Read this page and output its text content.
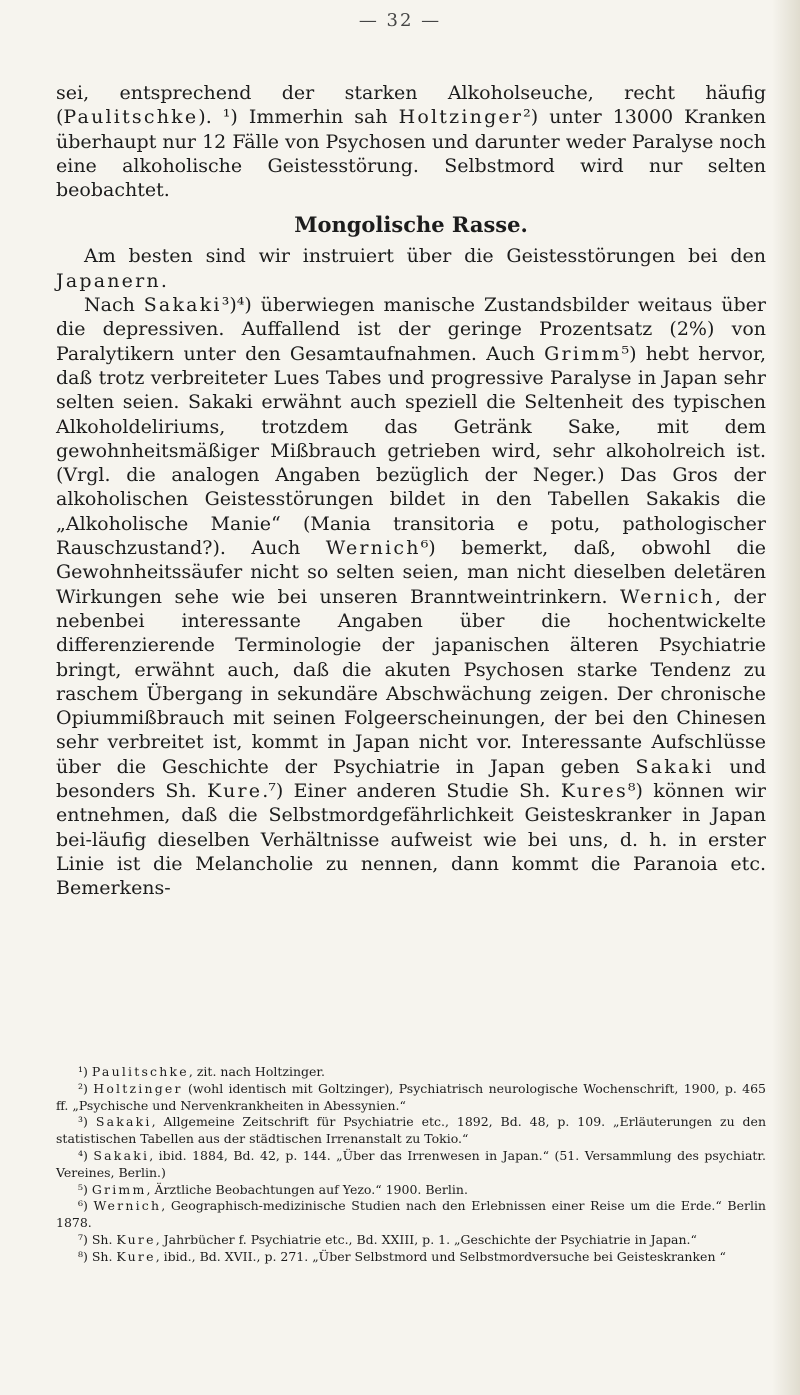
— 32 —

sei, entsprechend der starken Alkoholseuche, recht häufig (Paulitschke). ¹) Immerhin sah Holtzinger²) unter 13000 Kranken überhaupt nur 12 Fälle von Psychosen und darunter weder Paralyse noch eine alkoholische Geistesstörung. Selbstmord wird nur selten beobachtet.

Mongolische Rasse.

Am besten sind wir instruiert über die Geistesstörungen bei den Japanern.

Nach Sakaki³)⁴) überwiegen manische Zustandsbilder weitaus über die depressiven. Auffallend ist der geringe Prozentsatz (2%) von Paralytikern unter den Gesamtaufnahmen. Auch Grimm⁵) hebt hervor, daß trotz verbreiteter Lues Tabes und progressive Paralyse in Japan sehr selten seien. Sakaki erwähnt auch speziell die Seltenheit des typischen Alkoholdeliriums, trotzdem das Getränk Sake, mit dem gewohnheitsmäßiger Mißbrauch getrieben wird, sehr alkoholreich ist. (Vrgl. die analogen Angaben bezüglich der Neger.) Das Gros der alkoholischen Geistesstörungen bildet in den Tabellen Sakakis die „Alkoholische Manie“ (Mania transitoria e potu, pathologischer Rauschzustand?). Auch Wernich⁶) bemerkt, daß, obwohl die Gewohnheitssäufer nicht so selten seien, man nicht dieselben deletären Wirkungen sehe wie bei unseren Branntweintrinkern. Wernich, der nebenbei interessante Angaben über die hochentwickelte differenzierende Terminologie der japanischen älteren Psychiatrie bringt, erwähnt auch, daß die akuten Psychosen starke Tendenz zu raschem Übergang in sekundäre Abschwächung zeigen. Der chronische Opiummißbrauch mit seinen Folgeerscheinungen, der bei den Chinesen sehr verbreitet ist, kommt in Japan nicht vor. Interessante Aufschlüsse über die Geschichte der Psychiatrie in Japan geben Sakaki und besonders Sh. Kure.⁷) Einer anderen Studie Sh. Kures⁸) können wir entnehmen, daß die Selbstmordgefährlichkeit Geisteskranker in Japan bei-läufig dieselben Verhältnisse aufweist wie bei uns, d. h. in erster Linie ist die Melancholie zu nennen, dann kommt die Paranoia etc. Bemerkens-

¹) Paulitschke, zit. nach Holtzinger.

²) Holtzinger (wohl identisch mit Goltzinger), Psychiatrisch neurologische Wochenschrift, 1900, p. 465 ff. „Psychische und Nervenkrankheiten in Abessynien.“

³) Sakaki, Allgemeine Zeitschrift für Psychiatrie etc., 1892, Bd. 48, p. 109. „Erläuterungen zu den statistischen Tabellen aus der städtischen Irrenanstalt zu Tokio.“

⁴) Sakaki, ibid. 1884, Bd. 42, p. 144. „Über das Irrenwesen in Japan.“ (51. Versammlung des psychiatr. Vereines, Berlin.)

⁵) Grimm, Ärztliche Beobachtungen auf Yezo.“ 1900. Berlin.

⁶) Wernich, Geographisch-medizinische Studien nach den Erlebnissen einer Reise um die Erde.“ Berlin 1878.

⁷) Sh. Kure, Jahrbücher f. Psychiatrie etc., Bd. XXIII, p. 1. „Geschichte der Psychiatrie in Japan.“

⁸) Sh. Kure, ibid., Bd. XVII., p. 271. „Über Selbstmord und Selbstmordversuche bei Geisteskranken “
